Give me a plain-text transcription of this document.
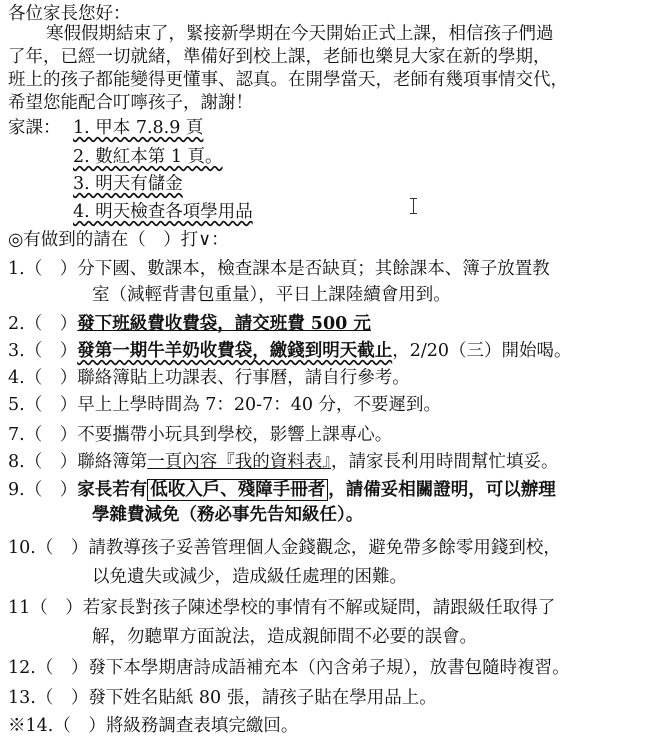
各位家長您好：
寒假假期結束了，緊接新學期在今天開始正式上課，相信孩子們過
了年，已經一切就緒，準備好到校上課，老師也樂見大家在新的學期，
班上的孩子都能變得更懂事、認真。在開學當天，老師有幾項事情交代，
希望您能配合叮嚀孩子，謝謝！
家課： 1. 甲本 7.8.9 頁
2. 數紅本第 1 頁。
3. 明天有儲金
4. 明天檢查各項學用品
◎有做到的請在（　）打∨：
1.（　）分下國、數課本，檢查課本是否缺頁；其餘課本、簿子放置教
室（減輕背書包重量），平日上課陸續會用到。
2.（　）發下班級費收費袋，請交班費 500 元
3.（　）發第一期牛羊奶收費袋，繳錢到明天截止，2/20（三）開始喝。
4.（　）聯絡簿貼上功課表、行事曆，請自行參考。
5.（　）早上上學時間為 7：20-7：40 分，不要遲到。
7.（　）不要攜帶小玩具到學校，影響上課專心。
8.（　）聯絡簿第一頁內容『我的資料表』，請家長利用時間幫忙填妥。
9.（　）家長若有 低收入戶、殘障手冊者 ，請備妥相關證明，可以辦理
學雜費減免（務必事先告知級任）。
10.（　）請教導孩子妥善管理個人金錢觀念，避免帶多餘零用錢到校，
以免遺失或減少，造成級任處理的困難。
11（　）若家長對孩子陳述學校的事情有不解或疑問，請跟級任取得了
解，勿聽單方面說法，造成親師間不必要的誤會。
12.（　）發下本學期唐詩成語補充本（內含弟子規），放書包隨時複習。
13.（　）發下姓名貼紙 80 張，請孩子貼在學用品上。
※14.（　）將級務調查表填完繳回。
